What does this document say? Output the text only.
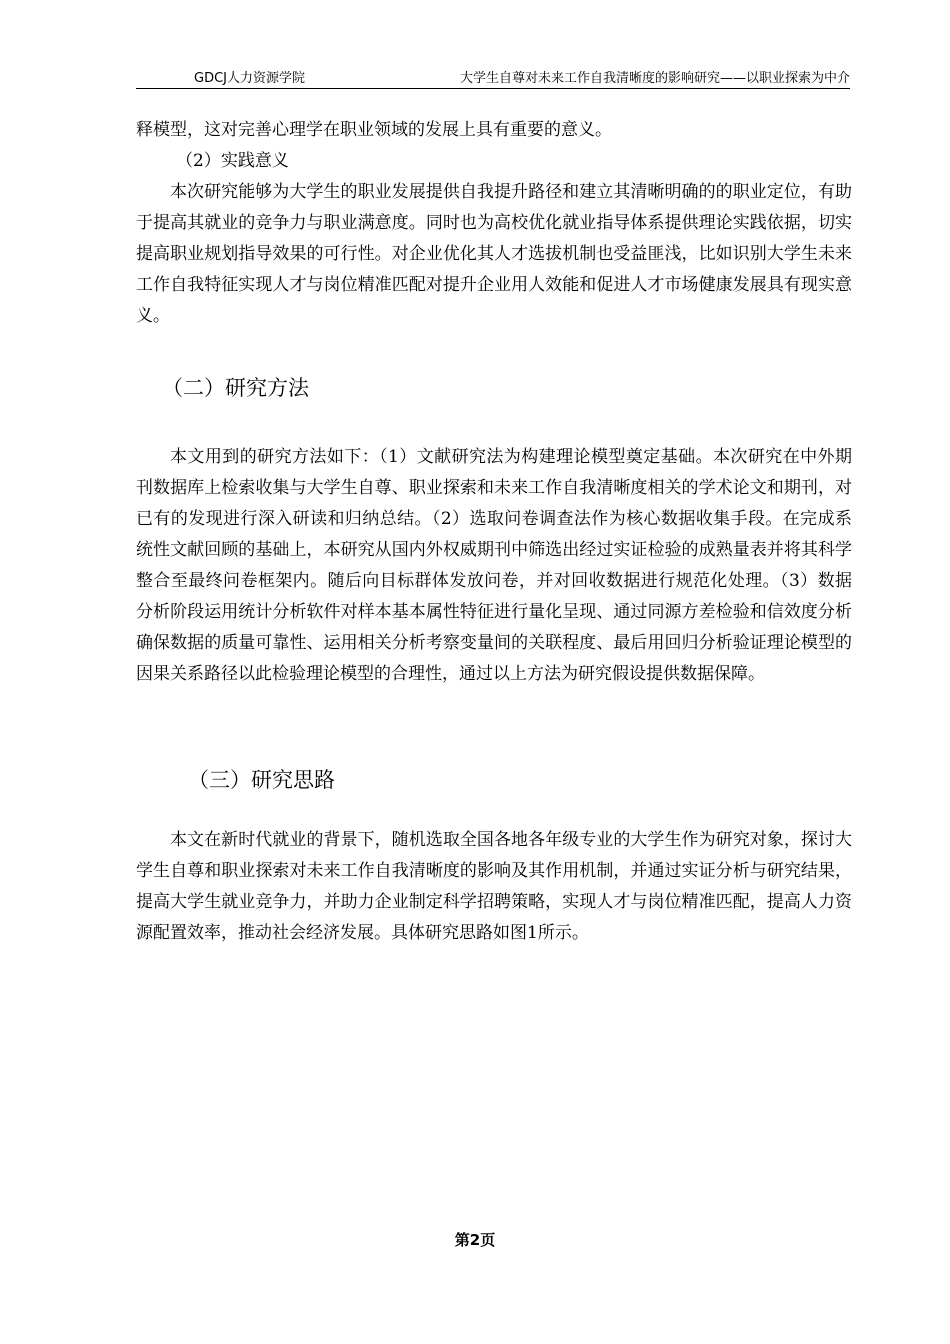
GDCJ人力资源学院	大学生自尊对未来工作自我清晰度的影响研究——以职业探索为中介

释模型，这对完善心理学在职业领域的发展上具有重要的意义。

（2）实践意义

本次研究能够为大学生的职业发展提供自我提升路径和建立其清晰明确的的职业定位，有助于提高其就业的竞争力与职业满意度。同时也为高校优化就业指导体系提供理论实践依据，切实提高职业规划指导效果的可行性。对企业优化其人才选拔机制也受益匪浅，比如识别大学生未来工作自我特征实现人才与岗位精准匹配对提升企业用人效能和促进人才市场健康发展具有现实意义。

（二）研究方法

本文用到的研究方法如下：（1）文献研究法为构建理论模型奠定基础。本次研究在中外期刊数据库上检索收集与大学生自尊、职业探索和未来工作自我清晰度相关的学术论文和期刊，对已有的发现进行深入研读和归纳总结。（2）选取问卷调查法作为核心数据收集手段。在完成系统性文献回顾的基础上，本研究从国内外权威期刊中筛选出经过实证检验的成熟量表并将其科学整合至最终问卷框架内。随后向目标群体发放问卷，并对回收数据进行规范化处理。（3）数据分析阶段运用统计分析软件对样本基本属性特征进行量化呈现、通过同源方差检验和信效度分析确保数据的质量可靠性、运用相关分析考察变量间的关联程度、最后用回归分析验证理论模型的因果关系路径以此检验理论模型的合理性，通过以上方法为研究假设提供数据保障。

（三）研究思路

本文在新时代就业的背景下，随机选取全国各地各年级专业的大学生作为研究对象，探讨大学生自尊和职业探索对未来工作自我清晰度的影响及其作用机制，并通过实证分析与研究结果，提高大学生就业竞争力，并助力企业制定科学招聘策略，实现人才与岗位精准匹配，提高人力资源配置效率，推动社会经济发展。具体研究思路如图1所示。

第2页
